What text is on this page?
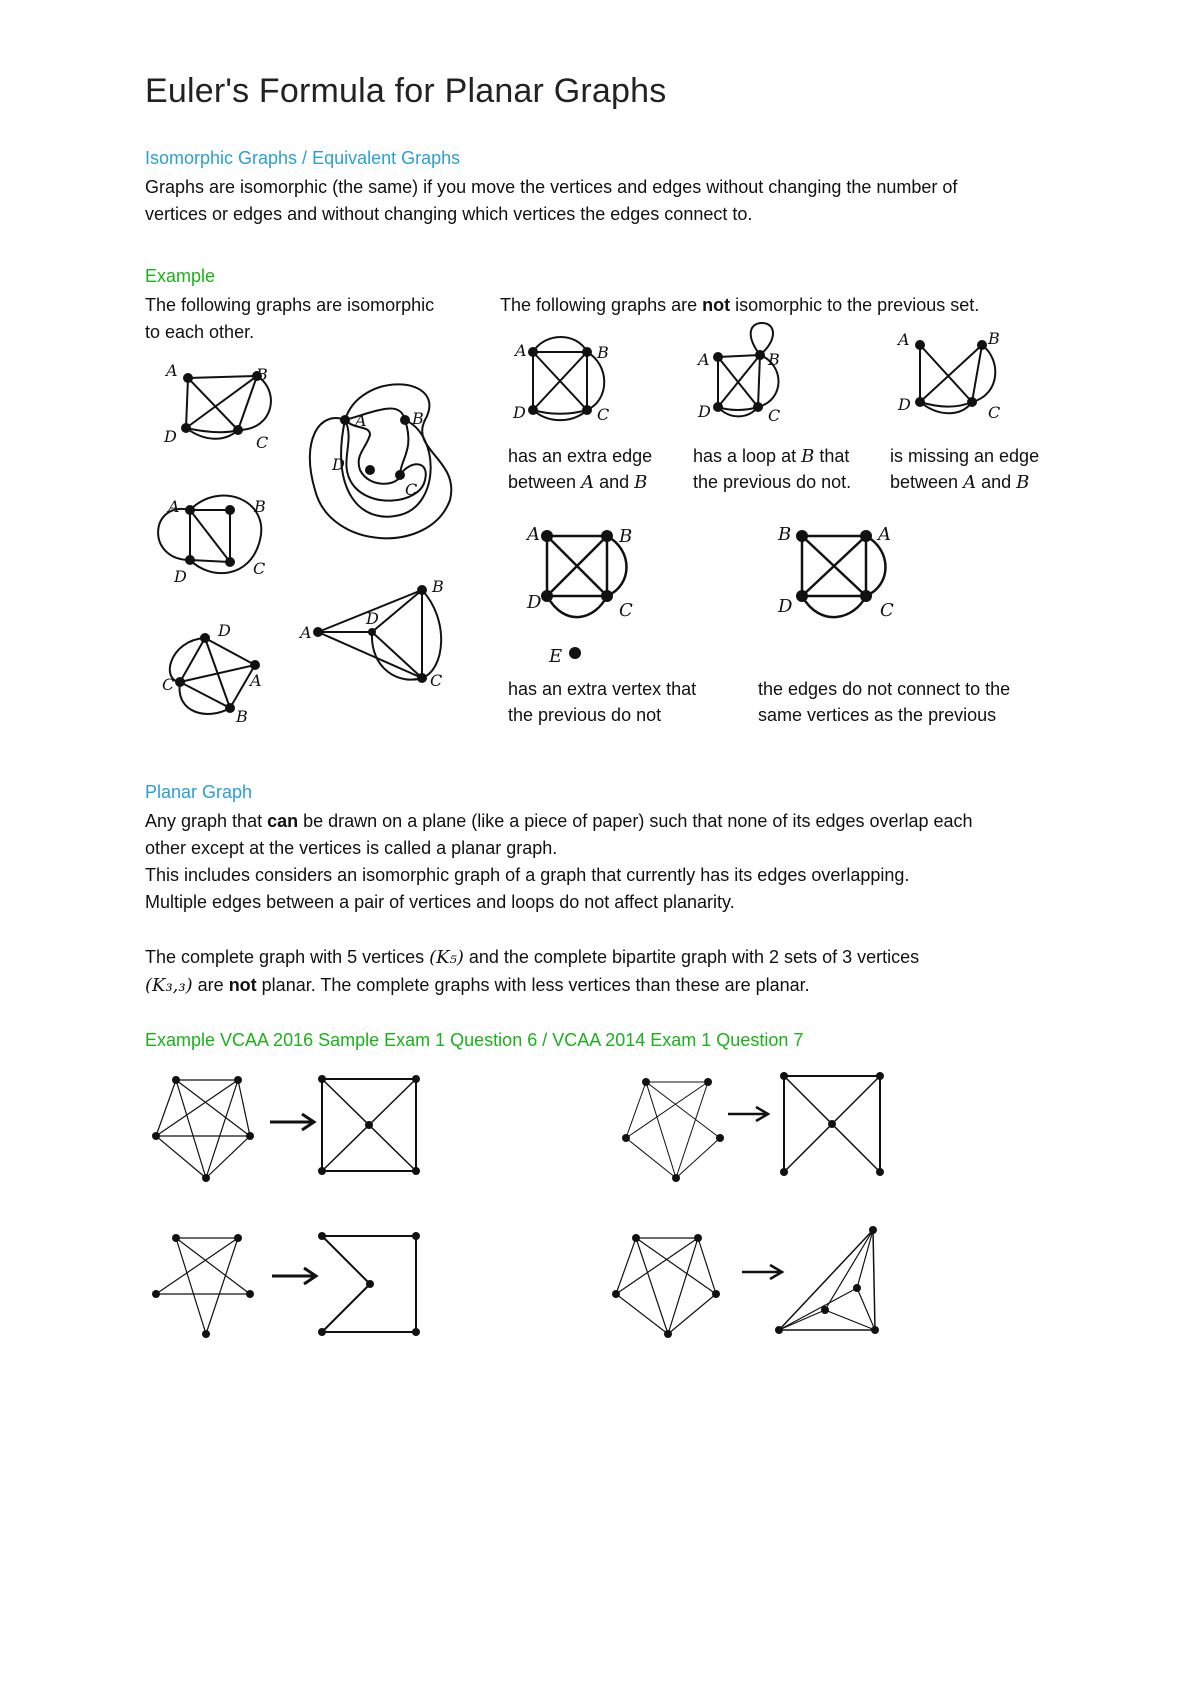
Euler's Formula for Planar Graphs
Isomorphic Graphs / Equivalent Graphs
Graphs are isomorphic (the same) if you move the vertices and edges without changing the number of
vertices or edges and without changing which vertices the edges connect to.
Example
The following graphs are isomorphic
to each other.
The following graphs are not isomorphic to the previous set.
A	B
C
D
A	B
C
D
D
A
C
B
A	B
C
D
A
B
C
D
A	B
C
D
has an extra edge
between A and B
A	B
C
D
has a loop at B that
the previous do not.
A	B
C
D
is missing an edge
between A and B
A	B
C
D
E
has an extra vertex that
the previous do not
B	A
C
D
the edges do not connect to the
same vertices as the previous
Planar Graph
Any graph that can be drawn on a plane (like a piece of paper) such that none of its edges overlap each
other except at the vertices is called a planar graph.
This includes considers an isomorphic graph of a graph that currently has its edges overlapping.
Multiple edges between a pair of vertices and loops do not affect planarity.
The complete graph with 5 vertices (K₅) and the complete bipartite graph with 2 sets of 3 vertices
(K₃,₃) are not planar. The complete graphs with less vertices than these are planar.
Example VCAA 2016 Sample Exam 1 Question 6 / VCAA 2014 Exam 1 Question 7
